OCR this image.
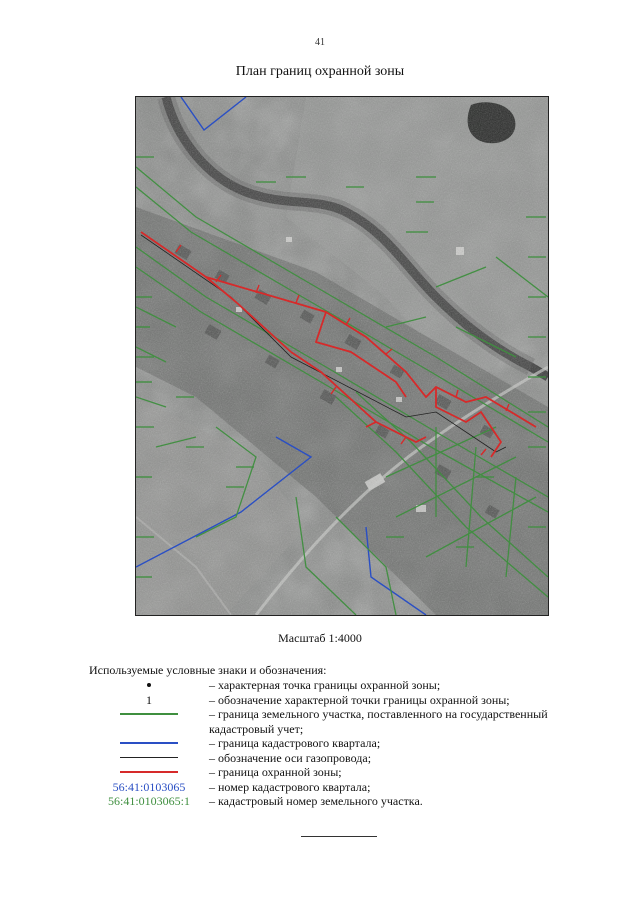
41
План границ охранной зоны
Масштаб 1:4000
Используемые условные знаки и обозначения:
– характерная точка границы охранной зоны;
1	– обозначение характерной точки границы охранной зоны;
– граница земельного участка, поставленного на государственный кадастровый учет;
– граница кадастрового квартала;
– обозначение оси газопровода;
– граница охранной зоны;
56:41:0103065 – номер кадастрового квартала;
56:41:0103065:1 – кадастровый номер земельного участка.
